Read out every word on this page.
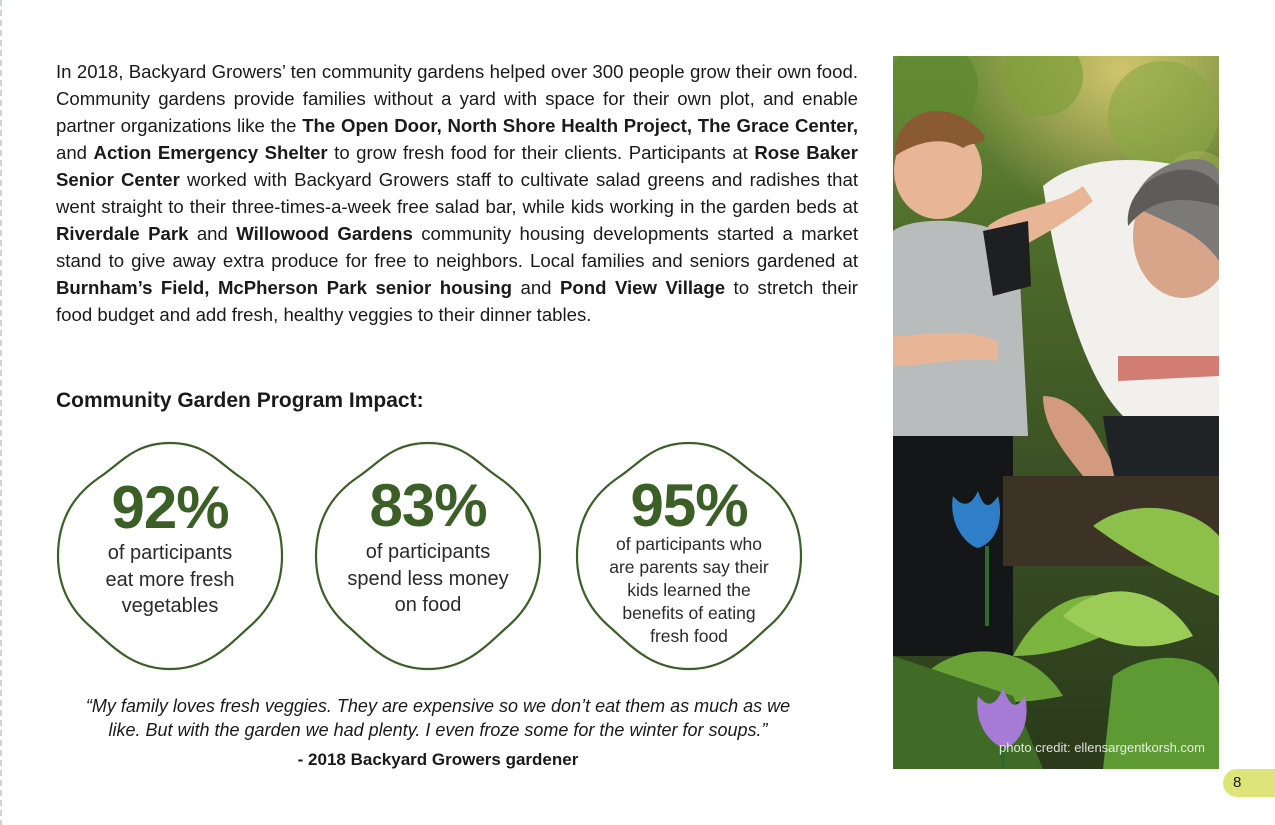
In 2018, Backyard Growers’ ten community gardens helped over 300 people grow their own food. Community gardens provide families without a yard with space for their own plot, and enable partner organizations like the The Open Door, North Shore Health Project, The Grace Center, and Action Emergency Shelter to grow fresh food for their clients. Participants at Rose Baker Senior Center worked with Backyard Growers staff to cultivate salad greens and radishes that went straight to their three-times-a-week free salad bar, while kids working in the garden beds at Riverdale Park and Willowood Gardens community housing developments started a market stand to give away extra produce for free to neighbors. Local families and seniors gardened at Burnham’s Field, McPherson Park senior housing and Pond View Village to stretch their food budget and add fresh, healthy veggies to their dinner tables.

Community Garden Program Impact:
92%
of participants
eat more fresh
vegetables
83%
of participants
spend less money
on food
95%
of participants who
are parents say their
kids learned the
benefits of eating
fresh food
“My family loves fresh veggies. They are expensive so we don’t eat them as much as we
like. But with the garden we had plenty. I even froze some for the winter for soups.”
- 2018 Backyard Growers gardener
photo credit: ellensargentkorsh.com
8
